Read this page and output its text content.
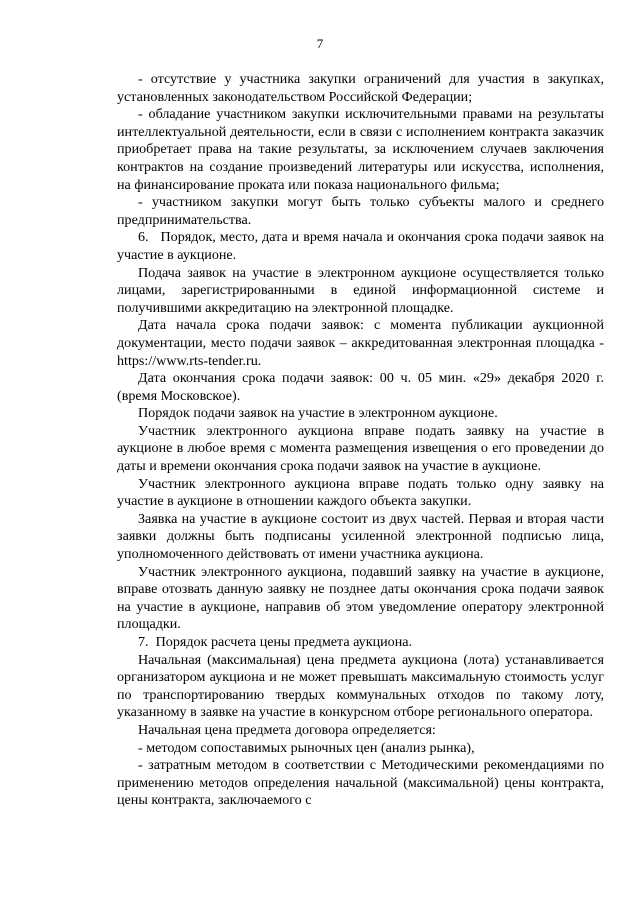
7

- отсутствие у участника закупки ограничений для участия в закупках, установленных законодательством Российской Федерации;

- обладание участником закупки исключительными правами на результаты интеллектуальной деятельности, если в связи с исполнением контракта заказчик приобретает права на такие результаты, за исключением случаев заключения контрактов на создание произведений литературы или искусства, исполнения, на финансирование проката или показа национального фильма;

- участником закупки могут быть только субъекты малого и среднего предпринимательства.

6.   Порядок, место, дата и время начала и окончания срока подачи заявок на участие в аукционе.

Подача заявок на участие в электронном аукционе осуществляется только лицами, зарегистрированными в единой информационной системе и получившими аккредитацию на электронной площадке.

Дата начала срока подачи заявок: с момента публикации аукционной документации, место подачи заявок – аккредитованная электронная площадка - https://www.rts-tender.ru.

Дата окончания срока подачи заявок: 00 ч. 05 мин. «29» декабря 2020 г. (время Московское).

Порядок подачи заявок на участие в электронном аукционе.

Участник электронного аукциона вправе подать заявку на участие в аукционе в любое время с момента размещения извещения о его проведении до даты и времени окончания срока подачи заявок на участие в аукционе.

Участник электронного аукциона вправе подать только одну заявку на участие в аукционе в отношении каждого объекта закупки.

Заявка на участие в аукционе состоит из двух частей. Первая и вторая части заявки должны быть подписаны усиленной электронной подписью лица, уполномоченного действовать от имени участника аукциона.

Участник электронного аукциона, подавший заявку на участие в аукционе, вправе отозвать данную заявку не позднее даты окончания срока подачи заявок на участие в аукционе, направив об этом уведомление оператору электронной площадки.

7.  Порядок расчета цены предмета аукциона.

Начальная (максимальная) цена предмета аукциона (лота) устанавливается организатором аукциона и не может превышать максимальную стоимость услуг по транспортированию твердых коммунальных отходов по такому лоту, указанному в заявке на участие в конкурсном отборе регионального оператора.

Начальная цена предмета договора определяется:

- методом сопоставимых рыночных цен (анализ рынка),

- затратным методом в соответствии с Методическими рекомендациями по применению методов определения начальной (максимальной) цены контракта, цены контракта, заключаемого с
